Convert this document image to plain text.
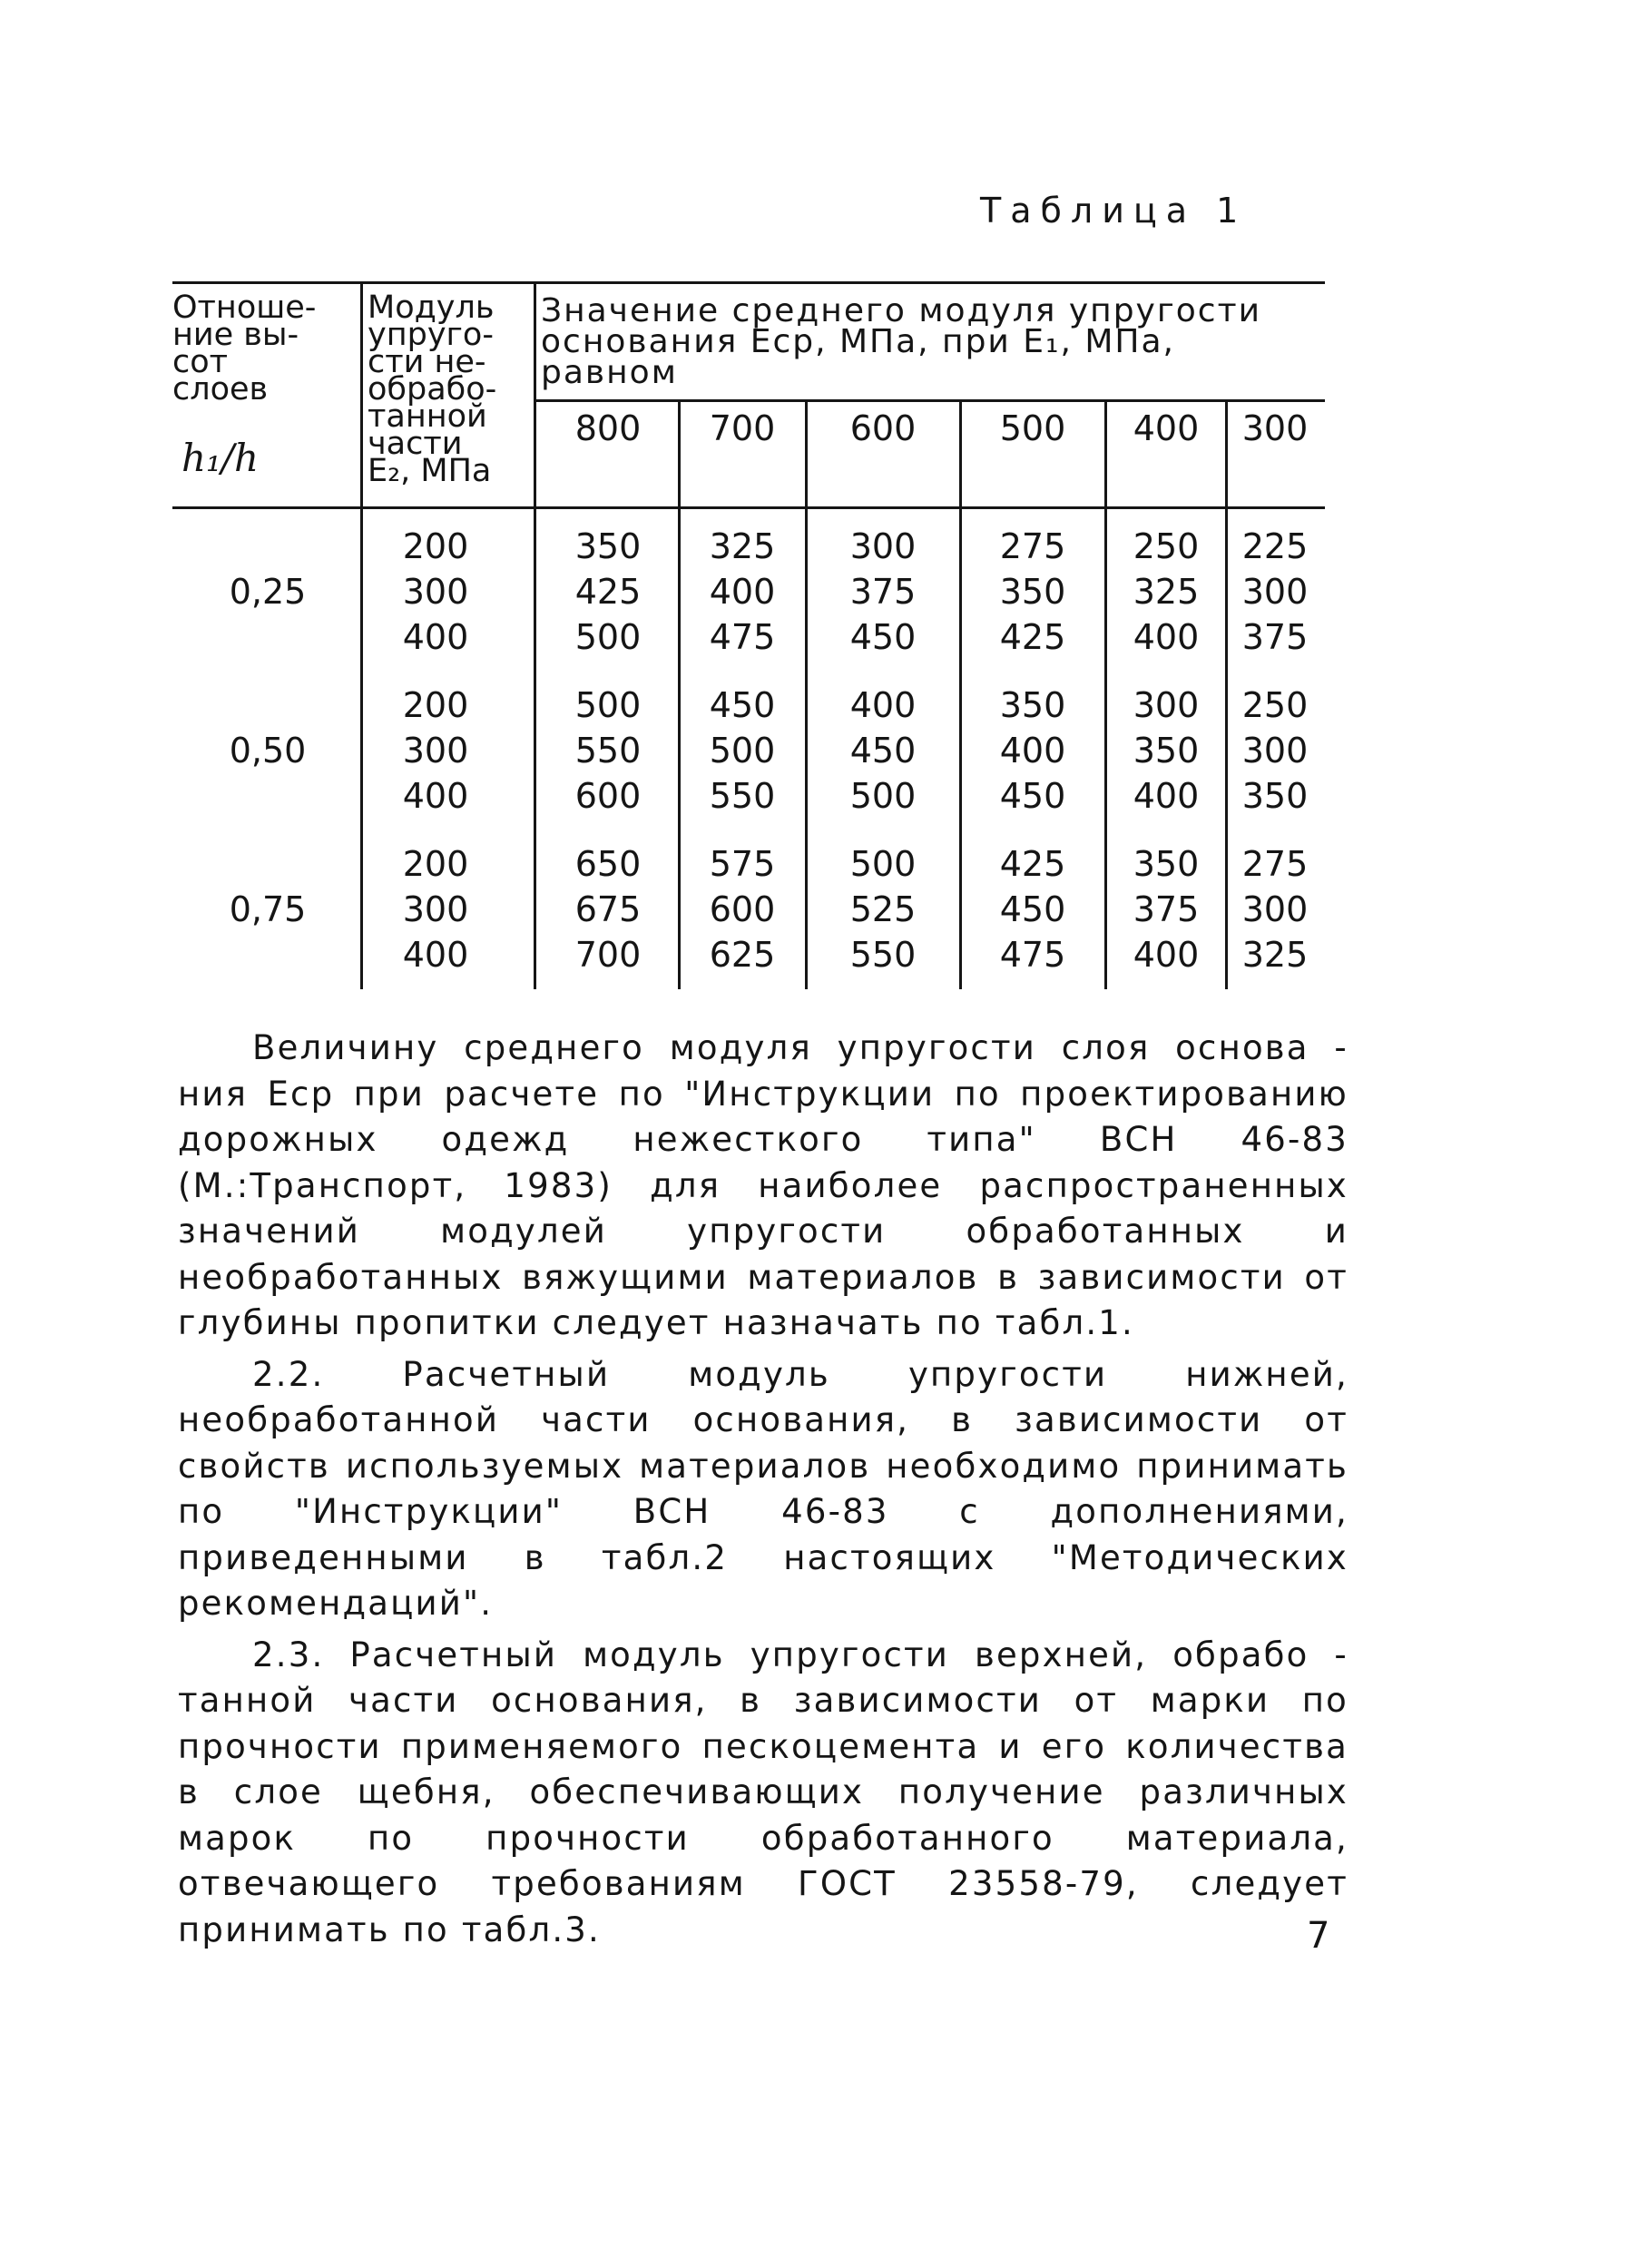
Таблица 1
Отноше-
ние вы-
сот
слоев
h₁/h
Модуль
упруго-
сти не-
обрабо-
танной
части
E₂, МПа
Значение среднего модуля упругости
основания Eср, МПа, при E₁, МПа,
равном
800	700	600	500	400	300
0,25
200	350	325	300	275	250	225
300	425	400	375	350	325	300
400	500	475	450	425	400	375
0,50
200	500	450	400	350	300	250
300	550	500	450	400	350	300
400	600	550	500	450	400	350
0,75
200	650	575	500	425	350	275
300	675	600	525	450	375	300
400	700	625	550	475	400	325

Величину среднего модуля упругости слоя основа - ния Eср при расчете по "Инструкции по проектированию дорожных одежд нежесткого типа" ВСН 46-83 (М.:Транспорт, 1983) для наиболее распространенных значений модулей упругости обработанных и необработанных вяжущими материалов в зависимости от глубины пропитки следует назначать по табл.1.

2.2. Расчетный модуль упругости нижней, необработанной части основания, в зависимости от свойств используемых материалов необходимо принимать по "Инструкции" ВСН 46-83 с дополнениями, приведенными в табл.2 настоящих "Методических рекомендаций".

2.3. Расчетный модуль упругости верхней, обрабо - танной части основания, в зависимости от марки по прочности применяемого пескоцемента и его количества в слое щебня, обеспечивающих получение различных марок по прочности обработанного материала, отвечающего требованиям ГОСТ 23558-79, следует принимать по табл.3.	7
